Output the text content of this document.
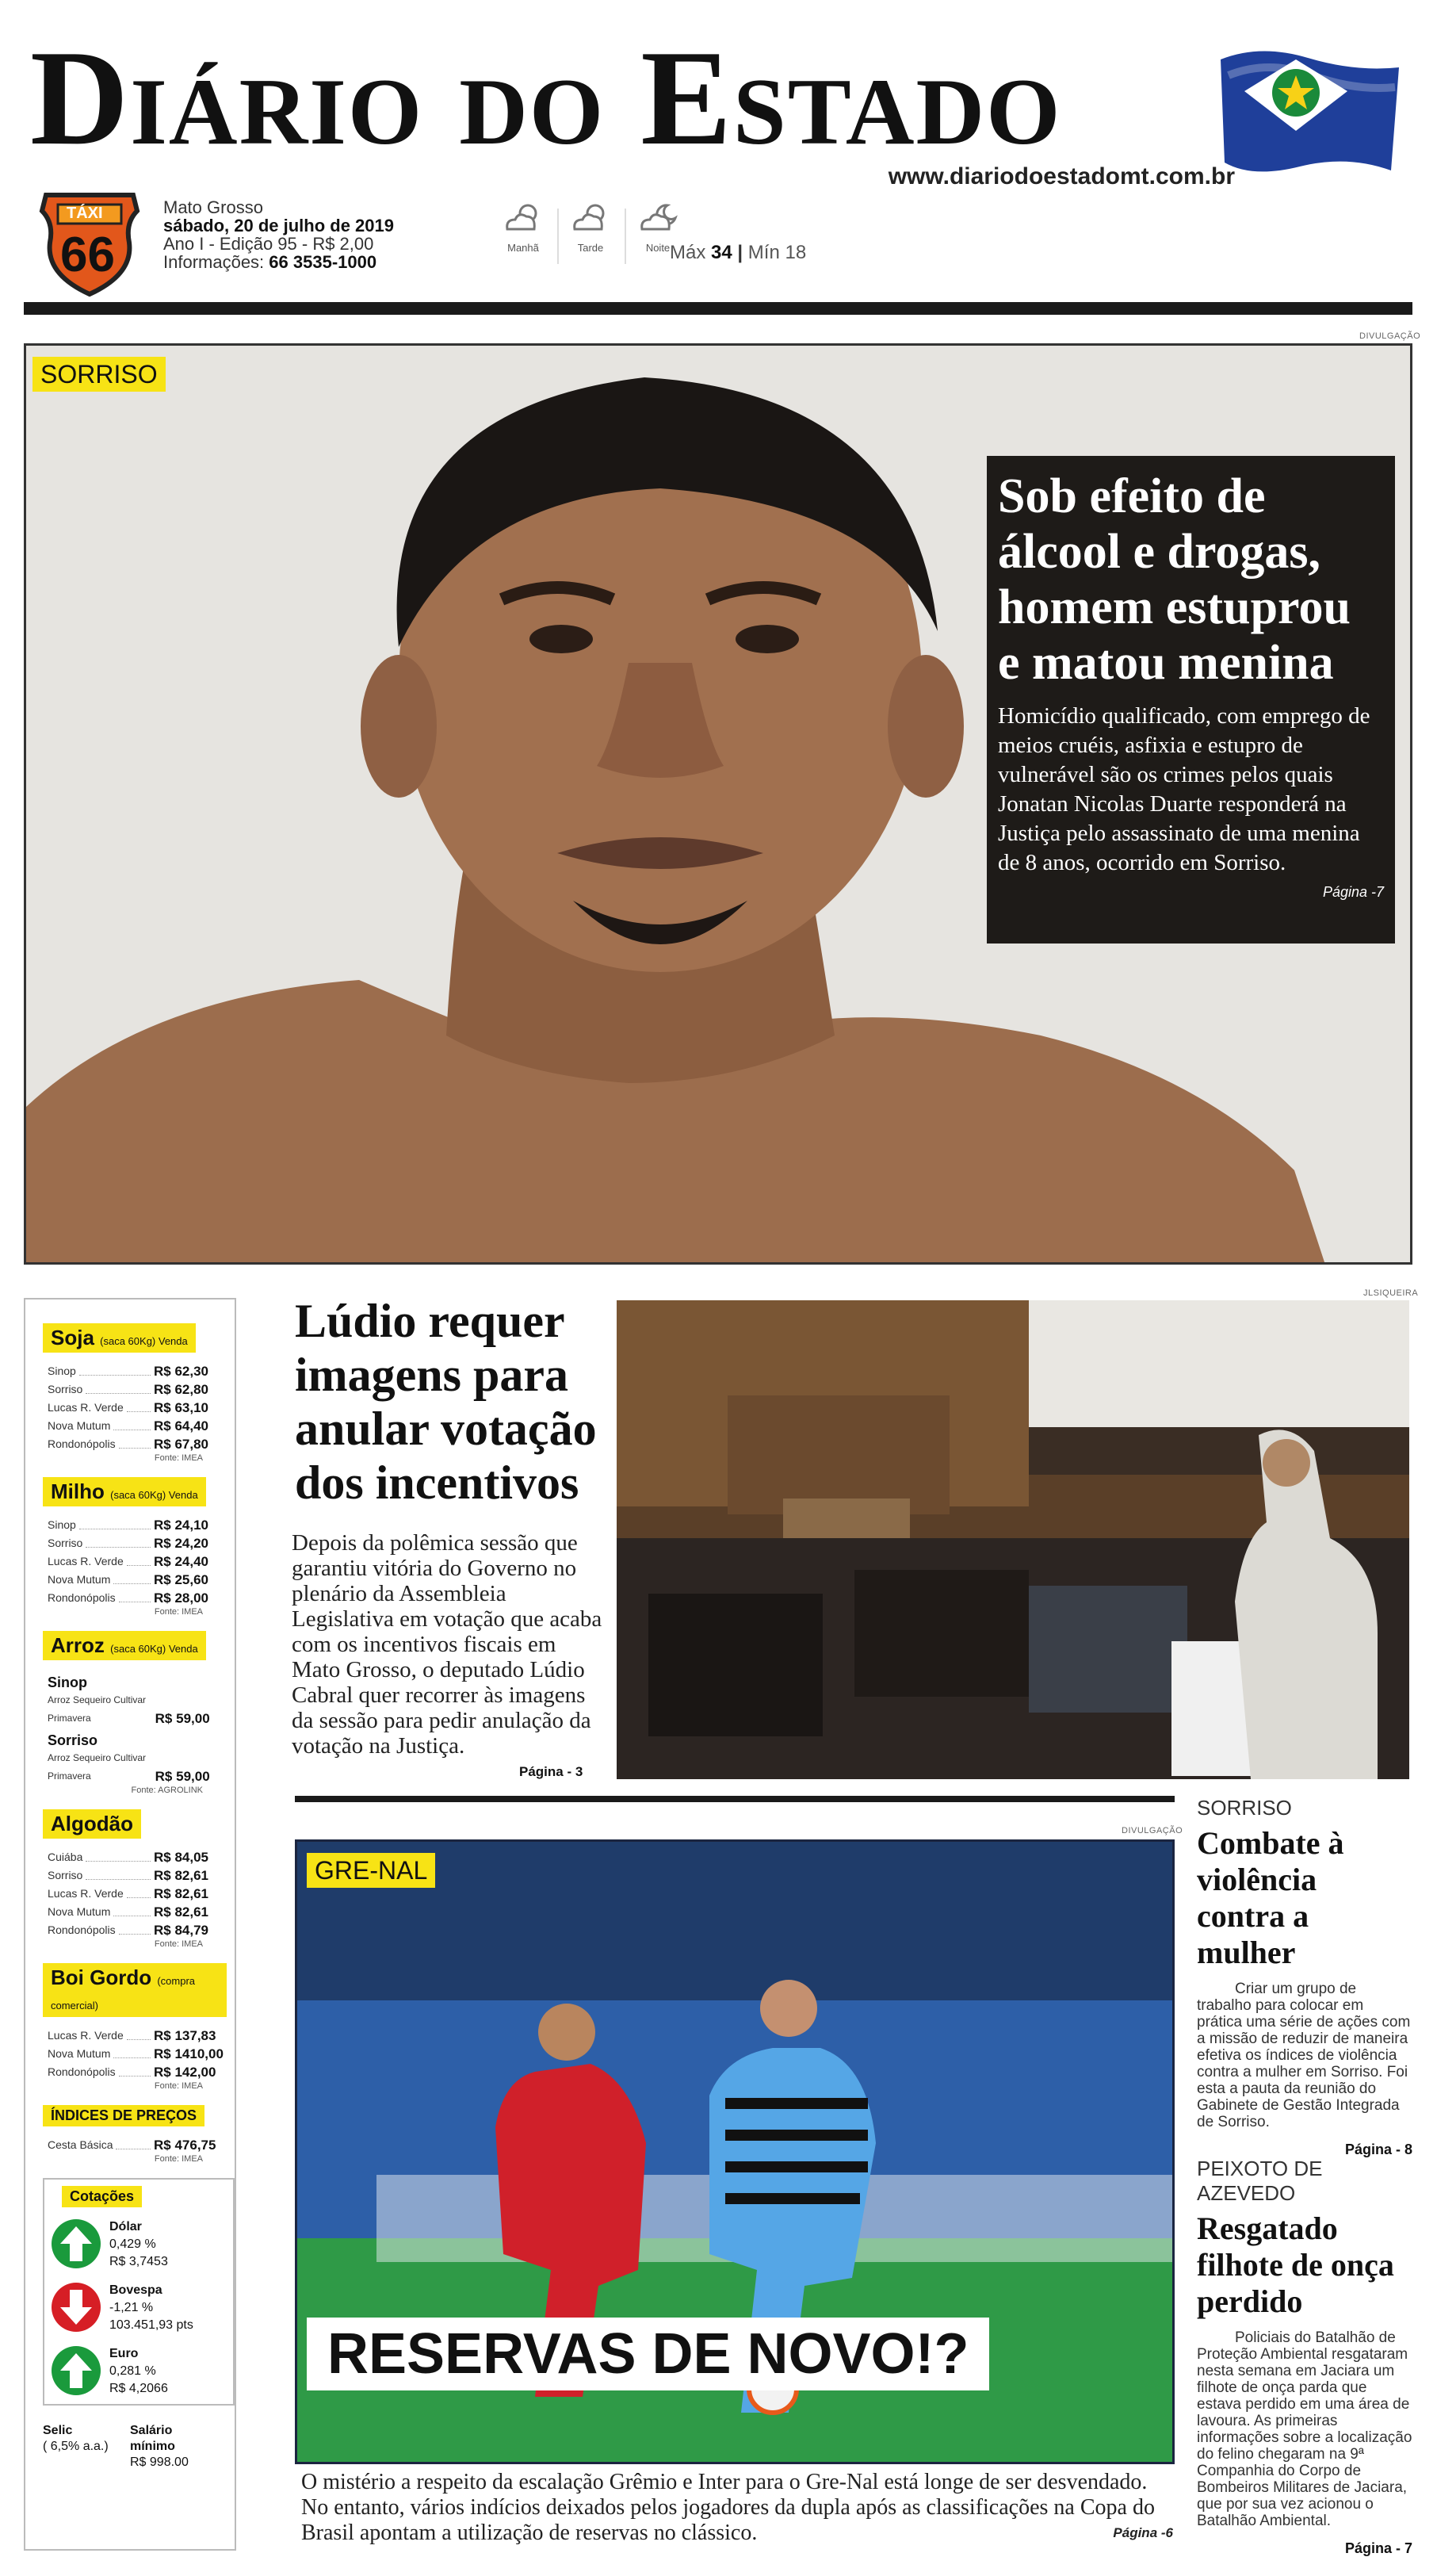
Diário do Estado
www.diariodoestadomt.com.br
TÁXI
66
Mato Grosso
sábado, 20 de julho de 2019
Ano I - Edição 95 - R$ 2,00
Informações: 66 3535-1000
Manhã	Tarde	Noite Máx 34 | Mín 18
DIVULGAÇÃO
SORRISO
Sob efeito de álcool e drogas, homem estuprou e matou menina

Homicídio qualificado, com emprego de meios cruéis, asfixia e estupro de vulnerável são os crimes pelos quais Jonatan Nicolas Duarte responderá na Justiça pelo assassinato de uma menina de 8 anos, ocorrido em Sorriso.

Página -7
Soja (saca 60Kg) Venda
Sinop	R$ 62,30
Sorriso	R$ 62,80
Lucas R. Verde R$ 63,10
Nova Mutum	R$ 64,40
Rondonópolis	R$ 67,80
Fonte: IMEA
Milho (saca 60Kg) Venda
Sinop	R$ 24,10
Sorriso	R$ 24,20
Lucas R. Verde R$ 24,40
Nova Mutum	R$ 25,60
Rondonópolis	R$ 28,00
Fonte: IMEA
Arroz (saca 60Kg) Venda
Sinop
Arroz Sequeiro Cultivar Primavera	R$ 59,00
Sorriso
Arroz Sequeiro Cultivar Primavera	R$ 59,00
Fonte: AGROLINK
Algodão
Cuiába	R$ 84,05
Sorriso	R$ 82,61
Lucas R. Verde R$ 82,61
Nova Mutum	R$ 82,61
Rondonópolis	R$ 84,79
Fonte: IMEA
Boi Gordo (compra comercial)
Lucas R. Verde R$ 137,83
Nova Mutum	R$ 1410,00
Rondonópolis	R$ 142,00
Fonte: IMEA
ÍNDICES DE PREÇOS
Cesta Básica	R$ 476,75
Fonte: IMEA
Cotações
Dólar
0,429 %
R$ 3,7453
Bovespa
-1,21 %
103.451,93 pts
Euro
0,281 %
R$ 4,2066
Selic
( 6,5% a.a.)
Salário mínimo
R$ 998.00
Lúdio requer imagens para anular votação dos incentivos
Depois da polêmica sessão que garantiu vitória do Governo no plenário da Assembleia Legislativa em votação que acaba com os incentivos fiscais em Mato Grosso, o deputado Lúdio Cabral quer recorrer às imagens da sessão para pedir anulação da votação na Justiça.
Página - 3
JLSIQUEIRA
DIVULGAÇÃO
GRE-NAL
RESERVAS DE NOVO!?
O mistério a respeito da escalação Grêmio e Inter para o Gre-Nal está longe de ser desvendado. No entanto, vários indícios deixados pelos jogadores da dupla após as classificações na Copa do Brasil apontam a utilização de reservas no clássico.	Página -6
SORRISO
Combate à violência contra a mulher
Criar um grupo de trabalho para colocar em prática uma série de ações com a missão de reduzir de maneira efetiva os índices de violência contra a mulher em Sorriso. Foi esta a pauta da reunião do Gabinete de Gestão Integrada de Sorriso.
Página - 8
PEIXOTO DE AZEVEDO
Resgatado filhote de onça perdido
Policiais do Batalhão de Proteção Ambiental resgataram nesta semana em Jaciara um filhote de onça parda que estava perdido em uma área de lavoura. As primeiras informações sobre a localização do felino chegaram na 9ª Companhia do Corpo de Bombeiros Militares de Jaciara, que por sua vez acionou o Batalhão Ambiental.
Página - 7
